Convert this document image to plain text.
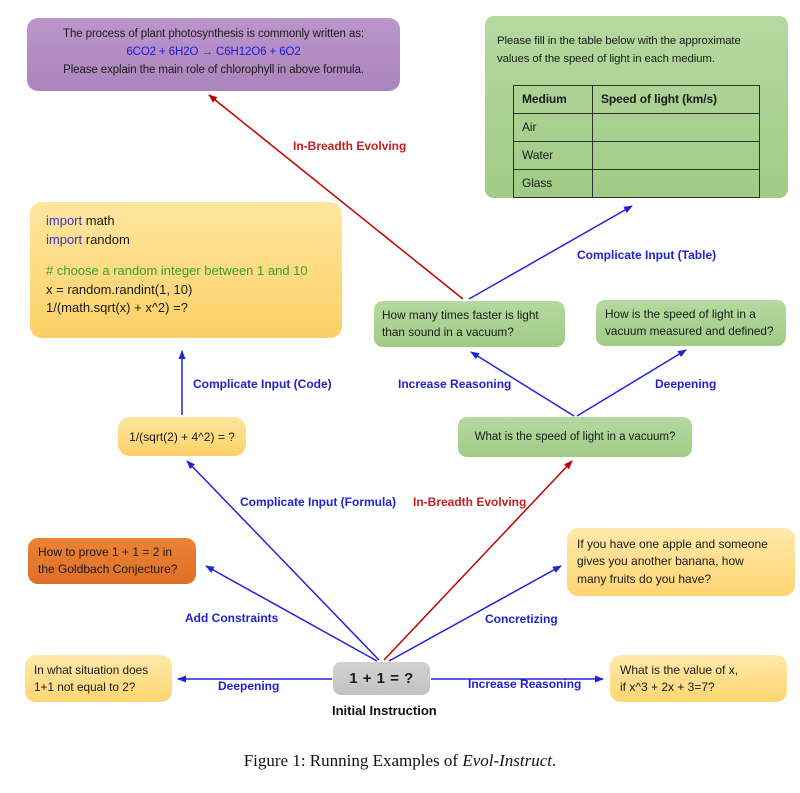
The process of plant photosynthesis is commonly written as:
6CO2 + 6H2O → C6H12O6 + 6O2
Please explain the main role of chlorophyll in above formula.
Please fill in the table below with the approximate
values of the speed of light in each medium.
Medium	Speed of light (km/s)
Air	
Water	
Glass	
import math
import random
# choose a random integer between 1 and 10
x = random.randint(1, 10)
1/(math.sqrt(x) + x^2) =?
1/(sqrt(2) + 4^2) = ?
How many times faster is light
than sound in a vacuum?
How is the speed of light in a
vacuum measured and defined?
What is the speed of light in a vacuum?
How to prove 1 + 1 = 2 in
the Goldbach Conjecture?
If you have one apple and someone
gives you another banana, how
many fruits do you have?
In what situation does
1+1 not equal to 2?
1 + 1 = ?	What is the value of x,
if x^3 + 2x + 3=7?
In-Breadth Evolving
Complicate Input (Table)
Complicate Input (Code)	Increase Reasoning	Deepening
Complicate Input (Formula) In-Breadth Evolving
Add Constraints	Concretizing
Deepening	Increase Reasoning
Initial Instruction
Figure 1: Running Examples of Evol-Instruct.
